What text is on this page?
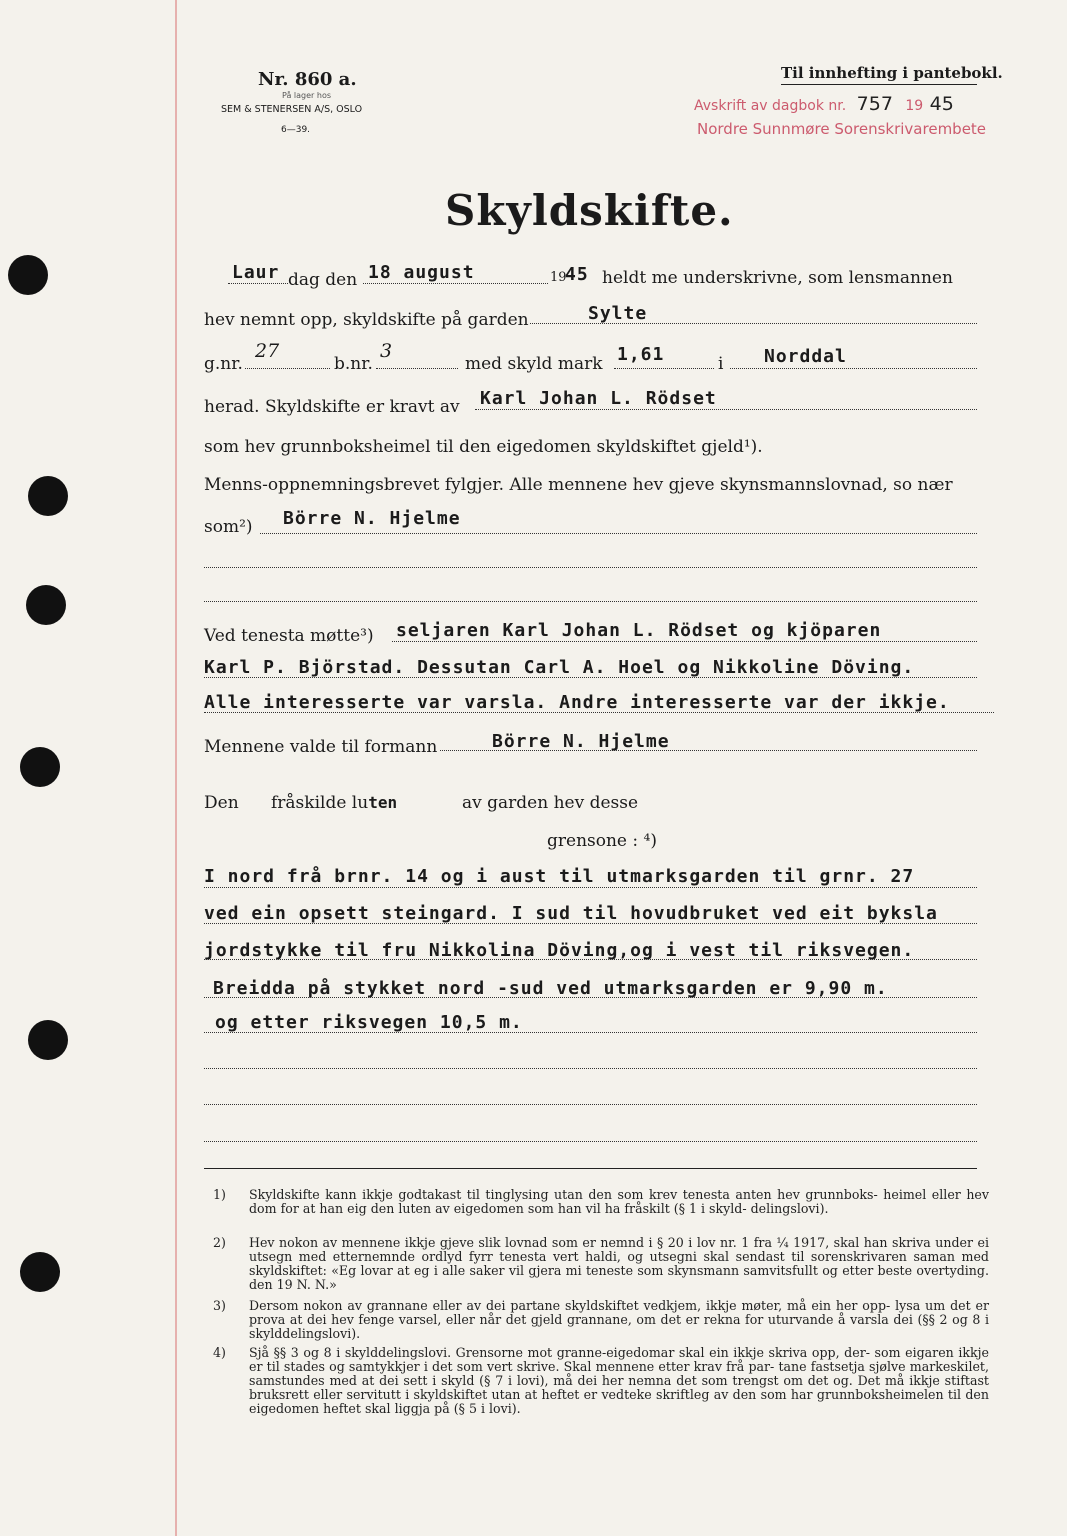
Nr. 860 a.
På lager hos
SEM & STENERSEN A/S, OSLO
6—39.
Til innhefting i pantebokl.
Avskrift av dagbok nr. 757 19 45
Nordre Sunnmøre Sorenskrivarembete
Skyldskifte.
Laur dag den 18 august	19
45 heldt me underskrivne, som lensmannen
hev nemnt opp, skyldskifte på garden	Sylte
g.nr.
27
b.nr.
3
med skyld mark 1,61	i Norddal
herad. Skyldskifte er kravt av Karl Johan L. Rödset
som hev grunnboksheimel til den eigedomen skyldskiftet gjeld¹).
Menns-oppnemningsbrevet fylgjer. Alle mennene hev gjeve skynsmannslovnad, so nær
som²) Börre N. Hjelme
Ved tenesta møtte³) seljaren Karl Johan L. Rödset og kjöparen
Karl P. Björstad. Dessutan Carl A. Hoel og Nikkoline Döving.
Alle interesserte var varsla. Andre interesserte var der ikkje.
Mennene valde til formann	Börre N. Hjelme
Den fråskilde luten	av garden hev desse
grensone : ⁴)
I nord frå brnr. 14 og i aust til utmarksgarden til grnr. 27
ved ein opsett steingard. I sud til hovudbruket ved eit byksla
jordstykke til fru Nikkolina Döving,og i vest til riksvegen.
Breidda på stykket nord -sud ved utmarksgarden er 9,90 m.
og etter riksvegen 10,5 m.
1)	Skyldskifte kann ikkje godtakast til tinglysing utan den som krev tenesta anten hev grunnboks- heimel eller hev dom for at han eig den luten av eigedomen som han vil ha fråskilt (§ 1 i skyld- delingslovi).
2)	Hev nokon av mennene ikkje gjeve slik lovnad som er nemnd i § 20 i lov nr. 1 fra ¼ 1917, skal han skriva under ei utsegn med etternemnde ordlyd fyrr tenesta vert haldi, og utsegni skal sendast til sorenskrivaren saman med skyldskiftet: «Eg lovar at eg i alle saker vil gjera mi teneste som skynsmann samvitsfullt og etter beste overtyding. den 19 N. N.»
3)	Dersom nokon av grannane eller av dei partane skyldskiftet vedkjem, ikkje møter, må ein her opp- lysa um det er prova at dei hev fenge varsel, eller når det gjeld grannane, om det er rekna for uturvande å varsla dei (§§ 2 og 8 i skylddelingslovi).
4)	Sjå §§ 3 og 8 i skylddelingslovi. Grensorne mot granne-eigedomar skal ein ikkje skriva opp, der- som eigaren ikkje er til stades og samtykkjer i det som vert skrive. Skal mennene etter krav frå par- tane fastsetja sjølve markeskilet, samstundes med at dei sett i skyld (§ 7 i lovi), må dei her nemna det som trengst om det og. Det må ikkje stiftast bruksrett eller servitutt i skyldskiftet utan at heftet er vedteke skriftleg av den som har grunnboksheimelen til den eigedomen heftet skal liggja på (§ 5 i lovi).
